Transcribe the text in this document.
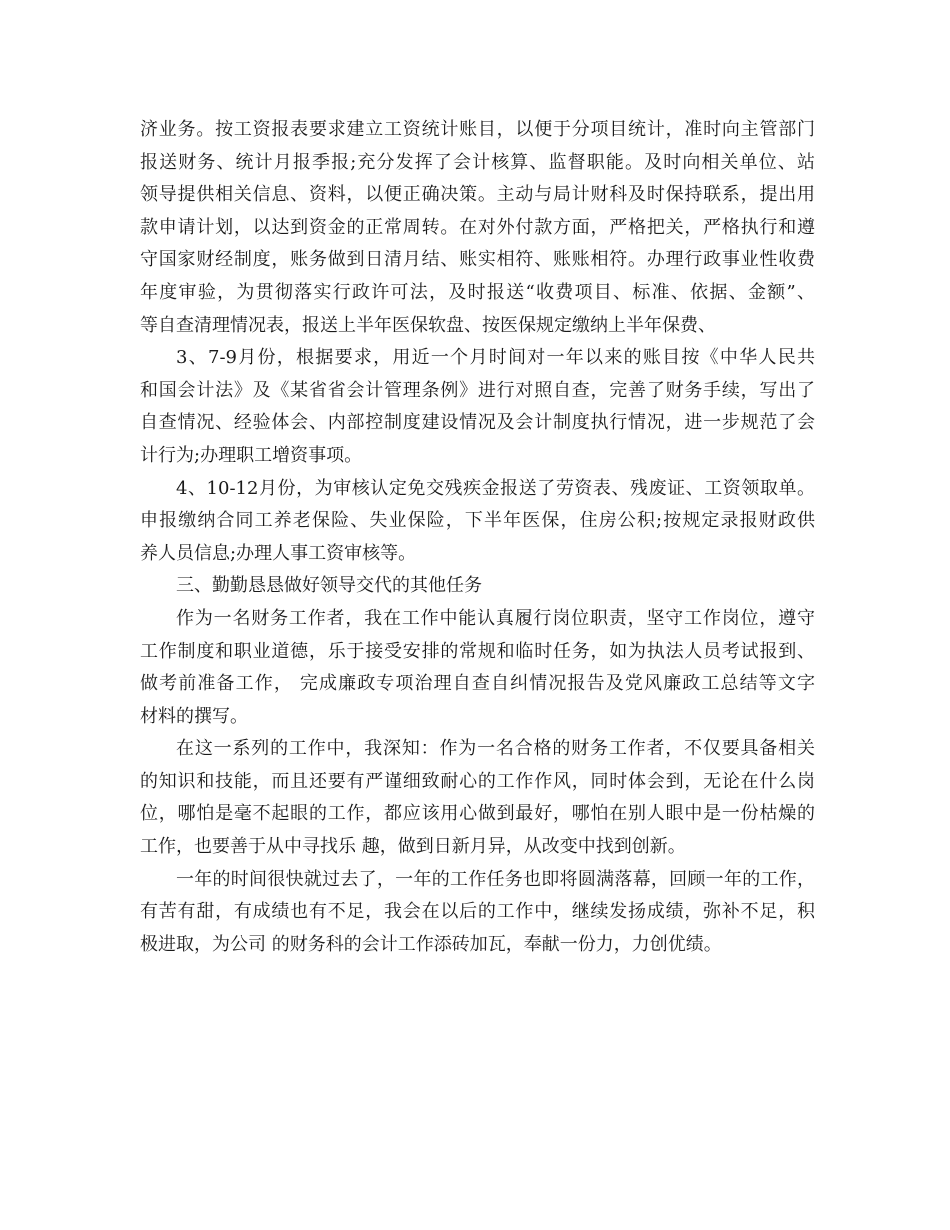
济业务。按工资报表要求建立工资统计账目，以便于分项目统计，准时向主管部门
报送财务、统计月报季报;充分发挥了会计核算、监督职能。及时向相关单位、站
领导提供相关信息、资料，以便正确决策。主动与局计财科及时保持联系，提出用
款申请计划，以达到资金的正常周转。在对外付款方面，严格把关，严格执行和遵
守国家财经制度，账务做到日清月结、账实相符、账账相符。办理行政事业性收费
年度审验，为贯彻落实行政许可法，及时报送“收费项目、标准、依据、金额”、
等自查清理情况表，报送上半年医保软盘、按医保规定缴纳上半年保费、
3、7-9月份，根据要求，用近一个月时间对一年以来的账目按《中华人民共
和国会计法》及《某省省会计管理条例》进行对照自查，完善了财务手续，写出了
自查情况、经验体会、内部控制度建设情况及会计制度执行情况，进一步规范了会
计行为;办理职工增资事项。
4、10-12月份，为审核认定免交残疾金报送了劳资表、残废证、工资领取单。
申报缴纳合同工养老保险、失业保险，下半年医保，住房公积;按规定录报财政供
养人员信息;办理人事工资审核等。
三、勤勤恳恳做好领导交代的其他任务
作为一名财务工作者，我在工作中能认真履行岗位职责，坚守工作岗位，遵守
工作制度和职业道德，乐于接受安排的常规和临时任务，如为执法人员考试报到、
做考前准备工作， 完成廉政专项治理自查自纠情况报告及党风廉政工总结等文字
材料的撰写。
在这一系列的工作中，我深知：作为一名合格的财务工作者，不仅要具备相关
的知识和技能，而且还要有严谨细致耐心的工作作风，同时体会到，无论在什么岗
位，哪怕是毫不起眼的工作，都应该用心做到最好，哪怕在别人眼中是一份枯燥的
工作，也要善于从中寻找乐 趣，做到日新月异，从改变中找到创新。
一年的时间很快就过去了，一年的工作任务也即将圆满落幕，回顾一年的工作，
有苦有甜，有成绩也有不足，我会在以后的工作中，继续发扬成绩，弥补不足，积
极进取，为公司 的财务科的会计工作添砖加瓦，奉献一份力，力创优绩。
